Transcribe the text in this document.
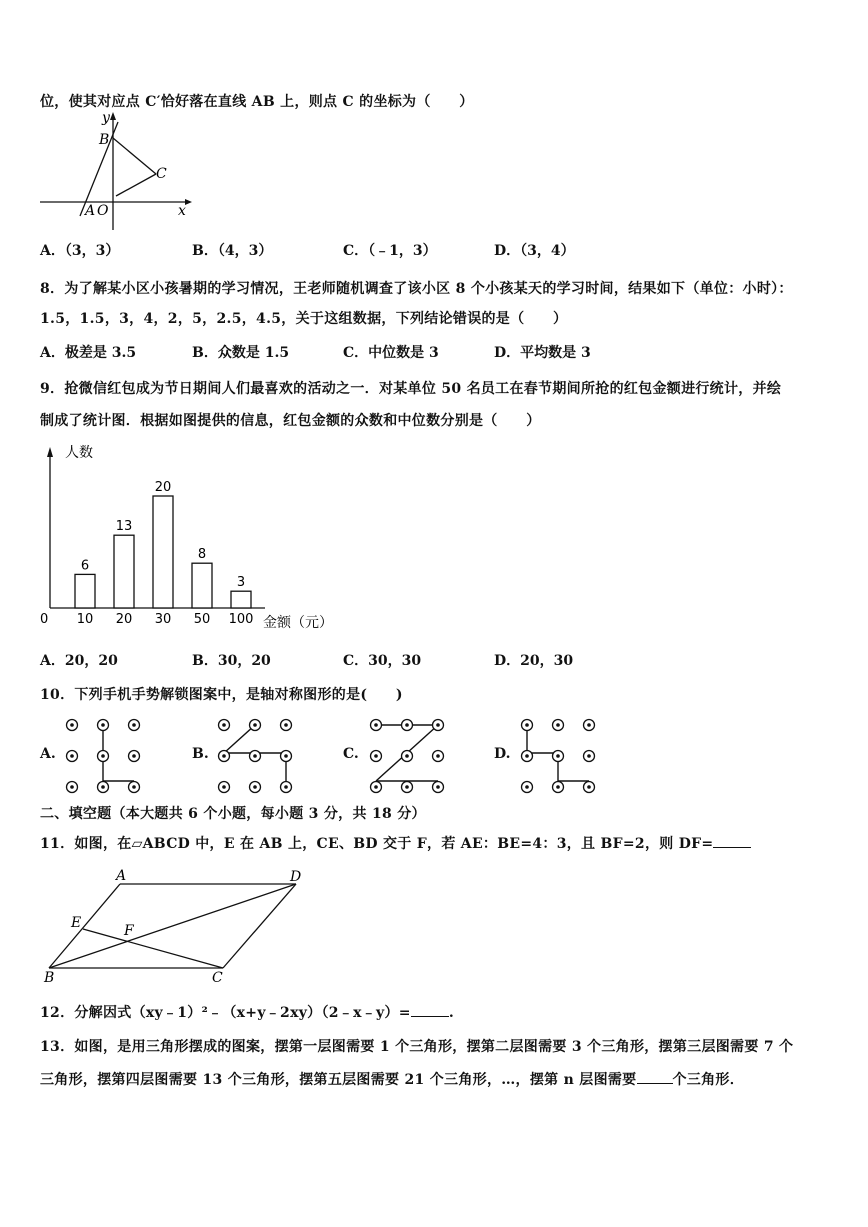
位，使其对应点 C′恰好落在直线 AB 上，则点 C 的坐标为（　　）
y
x
B
C
A O
A．（3，3）	B．（4，3）	C．（﹣1，3）	D．（3，4）
8．为了解某小区小孩暑期的学习情况，王老师随机调查了该小区 8 个小孩某天的学习时间，结果如下（单位：小时）：
1.5，1.5，3，4，2，5，2.5，4.5，关于这组数据，下列结论错误的是（　　）
A．极差是 3.5	B．众数是 1.5	C．中位数是 3	D．平均数是 3
9．抢微信红包成为节日期间人们最喜欢的活动之一．对某单位 50 名员工在春节期间所抢的红包金额进行统计，并绘
制成了统计图．根据如图提供的信息，红包金额的众数和中位数分别是（　　）
人数
金额（元）
0
6
10
13
20
20
30
8
50
3
100
A．20，20	B．30，20	C．30，30	D．20，30
10．下列手机手势解锁图案中，是轴对称图形的是(　　)
A.	B.	C.	D.
二、填空题（本大题共 6 个小题，每小题 3 分，共 18 分）
11．如图，在▱ABCD 中，E 在 AB 上，CE、BD 交于 F，若 AE：BE=4：3，且 BF=2，则 DF=
A	D
E	F
B	C
12．分解因式（xy﹣1）²﹣（x+y﹣2xy）（2﹣x﹣y）=	.
13．如图，是用三角形摆成的图案，摆第一层图需要 1 个三角形，摆第二层图需要 3 个三角形，摆第三层图需要 7 个
三角形，摆第四层图需要 13 个三角形，摆第五层图需要 21 个三角形，…，摆第 n 层图需要	个三角形．
